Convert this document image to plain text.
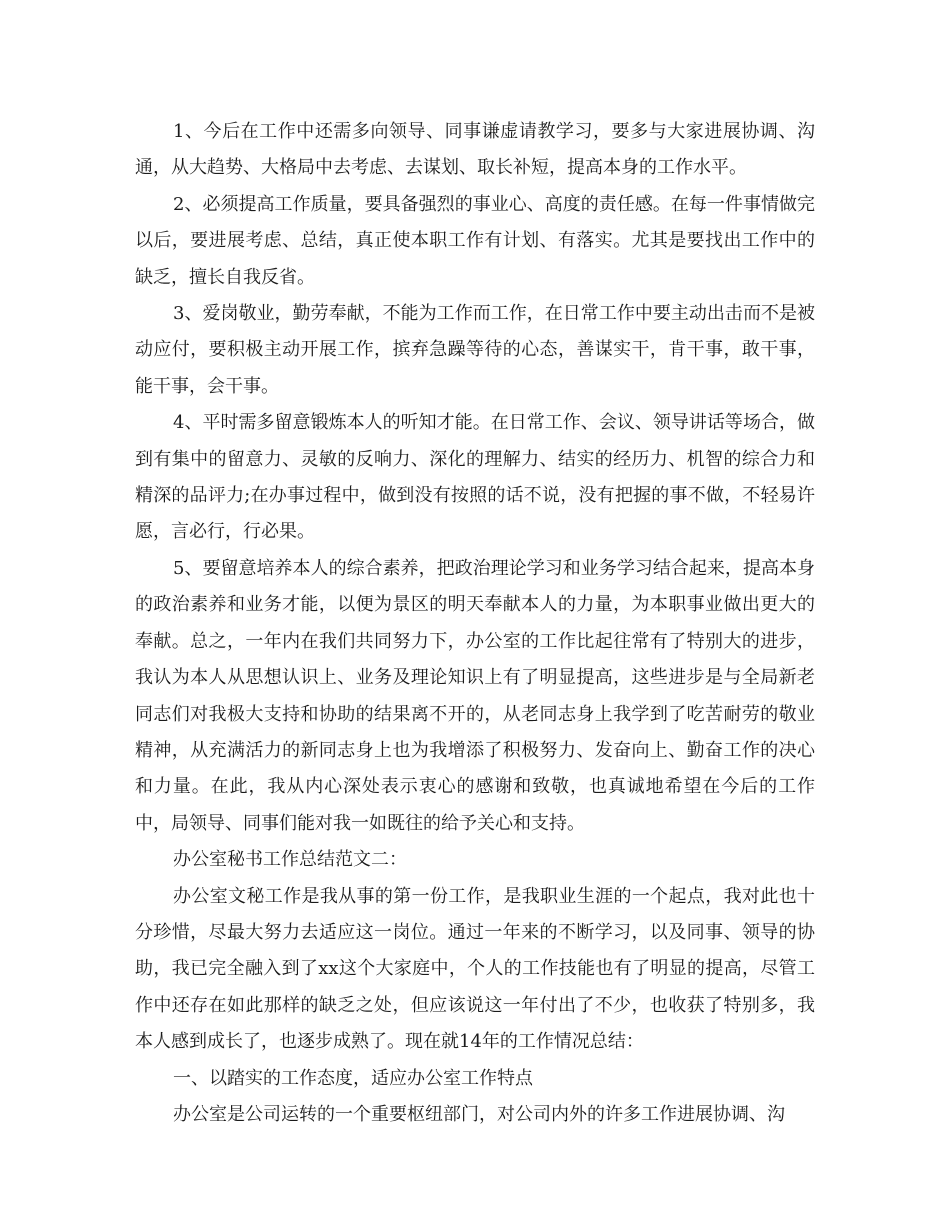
1、今后在工作中还需多向领导、同事谦虚请教学习，要多与大家进展协调、沟通，从大趋势、大格局中去考虑、去谋划、取长补短，提高本身的工作水平。

2、必须提高工作质量，要具备强烈的事业心、高度的责任感。在每一件事情做完以后，要进展考虑、总结，真正使本职工作有计划、有落实。尤其是要找出工作中的缺乏，擅长自我反省。

3、爱岗敬业，勤劳奉献，不能为工作而工作，在日常工作中要主动出击而不是被动应付，要积极主动开展工作，摈弃急躁等待的心态，善谋实干，肯干事，敢干事，能干事，会干事。

4、平时需多留意锻炼本人的听知才能。在日常工作、会议、领导讲话等场合，做到有集中的留意力、灵敏的反响力、深化的理解力、结实的经历力、机智的综合力和精深的品评力;在办事过程中，做到没有按照的话不说，没有把握的事不做，不轻易许愿，言必行，行必果。

5、要留意培养本人的综合素养，把政治理论学习和业务学习结合起来，提高本身的政治素养和业务才能，以便为景区的明天奉献本人的力量，为本职事业做出更大的奉献。总之，一年内在我们共同努力下，办公室的工作比起往常有了特别大的进步，我认为本人从思想认识上、业务及理论知识上有了明显提高，这些进步是与全局新老同志们对我极大支持和协助的结果离不开的，从老同志身上我学到了吃苦耐劳的敬业精神，从充满活力的新同志身上也为我增添了积极努力、发奋向上、勤奋工作的决心和力量。在此，我从内心深处表示衷心的感谢和致敬，也真诚地希望在今后的工作中，局领导、同事们能对我一如既往的给予关心和支持。

办公室秘书工作总结范文二：

办公室文秘工作是我从事的第一份工作，是我职业生涯的一个起点，我对此也十分珍惜，尽最大努力去适应这一岗位。通过一年来的不断学习，以及同事、领导的协助，我已完全融入到了xx这个大家庭中，个人的工作技能也有了明显的提高，尽管工作中还存在如此那样的缺乏之处，但应该说这一年付出了不少，也收获了特别多，我本人感到成长了，也逐步成熟了。现在就14年的工作情况总结：

一、以踏实的工作态度，适应办公室工作特点

办公室是公司运转的一个重要枢纽部门，对公司内外的许多工作进展协调、沟
